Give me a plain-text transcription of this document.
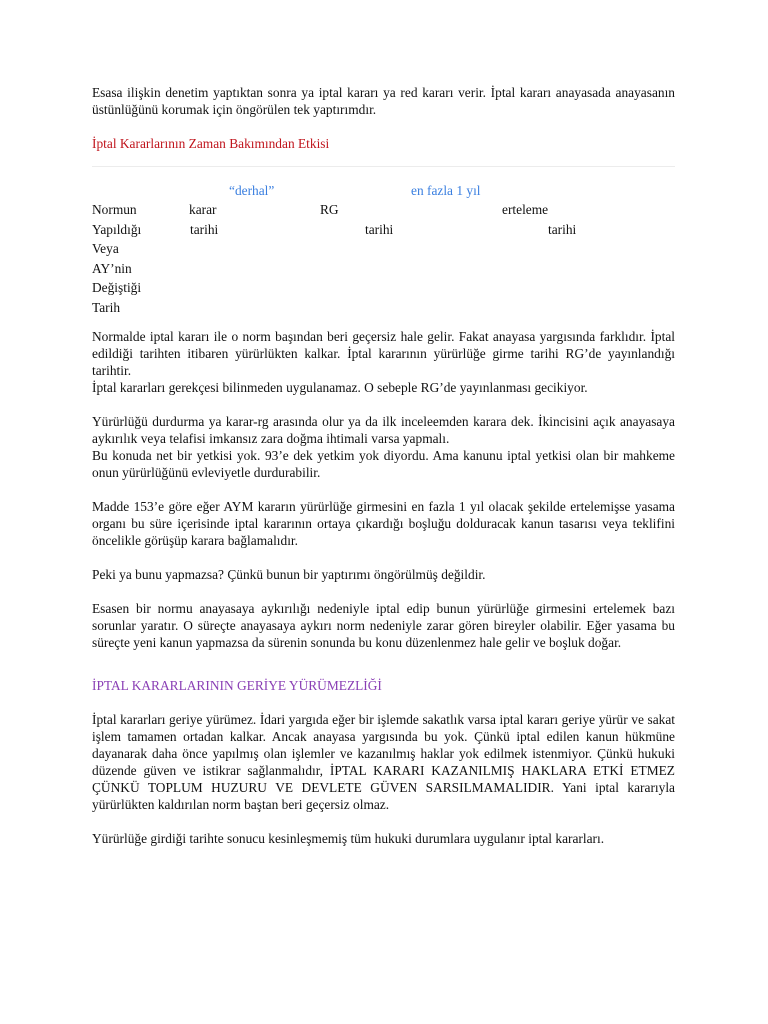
Esasa ilişkin denetim yaptıktan sonra ya iptal kararı ya red kararı verir. İptal kararı anayasada anayasanın üstünlüğünü korumak için öngörülen tek yaptırımdır.

İptal Kararlarının Zaman Bakımından Etkisi
“derhal”	en fazla 1 yıl
Normun
Yapıldığı
Veya
AY’nin
Değiştiği
Tarih
karar
tarihi
RG
tarihi
erteleme
tarihi

Normalde iptal kararı ile o norm başından beri geçersiz hale gelir. Fakat anayasa yargısında farklıdır. İptal edildiği tarihten itibaren yürürlükten kalkar. İptal kararının yürürlüğe girme tarihi RG’de yayınlandığı tarihtir.

İptal kararları gerekçesi bilinmeden uygulanamaz. O sebeple RG’de yayınlanması gecikiyor.

Yürürlüğü durdurma ya karar-rg arasında olur ya da ilk inceleemden karara dek. İkincisini açık anayasaya aykırılık veya telafisi imkansız zara doğma ihtimali varsa yapmalı.

Bu konuda net bir yetkisi yok. 93’e dek yetkim yok diyordu. Ama kanunu iptal yetkisi olan bir mahkeme onun yürürlüğünü evleviyetle durdurabilir.

Madde 153’e göre eğer AYM kararın yürürlüğe girmesini en fazla 1 yıl olacak şekilde ertelemişse yasama organı bu süre içerisinde iptal kararının ortaya çıkardığı boşluğu dolduracak kanun tasarısı veya teklifini öncelikle görüşüp karara bağlamalıdır.

Peki ya bunu yapmazsa? Çünkü bunun bir yaptırımı öngörülmüş değildir.

Esasen bir normu anayasaya aykırılığı nedeniyle iptal edip bunun yürürlüğe girmesini ertelemek bazı sorunlar yaratır. O süreçte anayasaya aykırı norm nedeniyle zarar gören bireyler olabilir. Eğer yasama bu süreçte yeni kanun yapmazsa da sürenin sonunda bu konu düzenlenmez hale gelir ve boşluk doğar.

İPTAL KARARLARININ GERİYE YÜRÜMEZLİĞİ

İptal kararları geriye yürümez. İdari yargıda eğer bir işlemde sakatlık varsa iptal kararı geriye yürür ve sakat işlem tamamen ortadan kalkar. Ancak anayasa yargısında bu yok. Çünkü iptal edilen kanun hükmüne dayanarak daha önce yapılmış olan işlemler ve kazanılmış haklar yok edilmek istenmiyor. Çünkü hukuki düzende güven ve istikrar sağlanmalıdır, İPTAL KARARI KAZANILMIŞ HAKLARA ETKİ ETMEZ ÇÜNKÜ TOPLUM HUZURU VE DEVLETE GÜVEN SARSILMAMALIDIR. Yani iptal kararıyla yürürlükten kaldırılan norm baştan beri geçersiz olmaz.

Yürürlüğe girdiği tarihte sonucu kesinleşmemiş tüm hukuki durumlara uygulanır iptal kararları.
